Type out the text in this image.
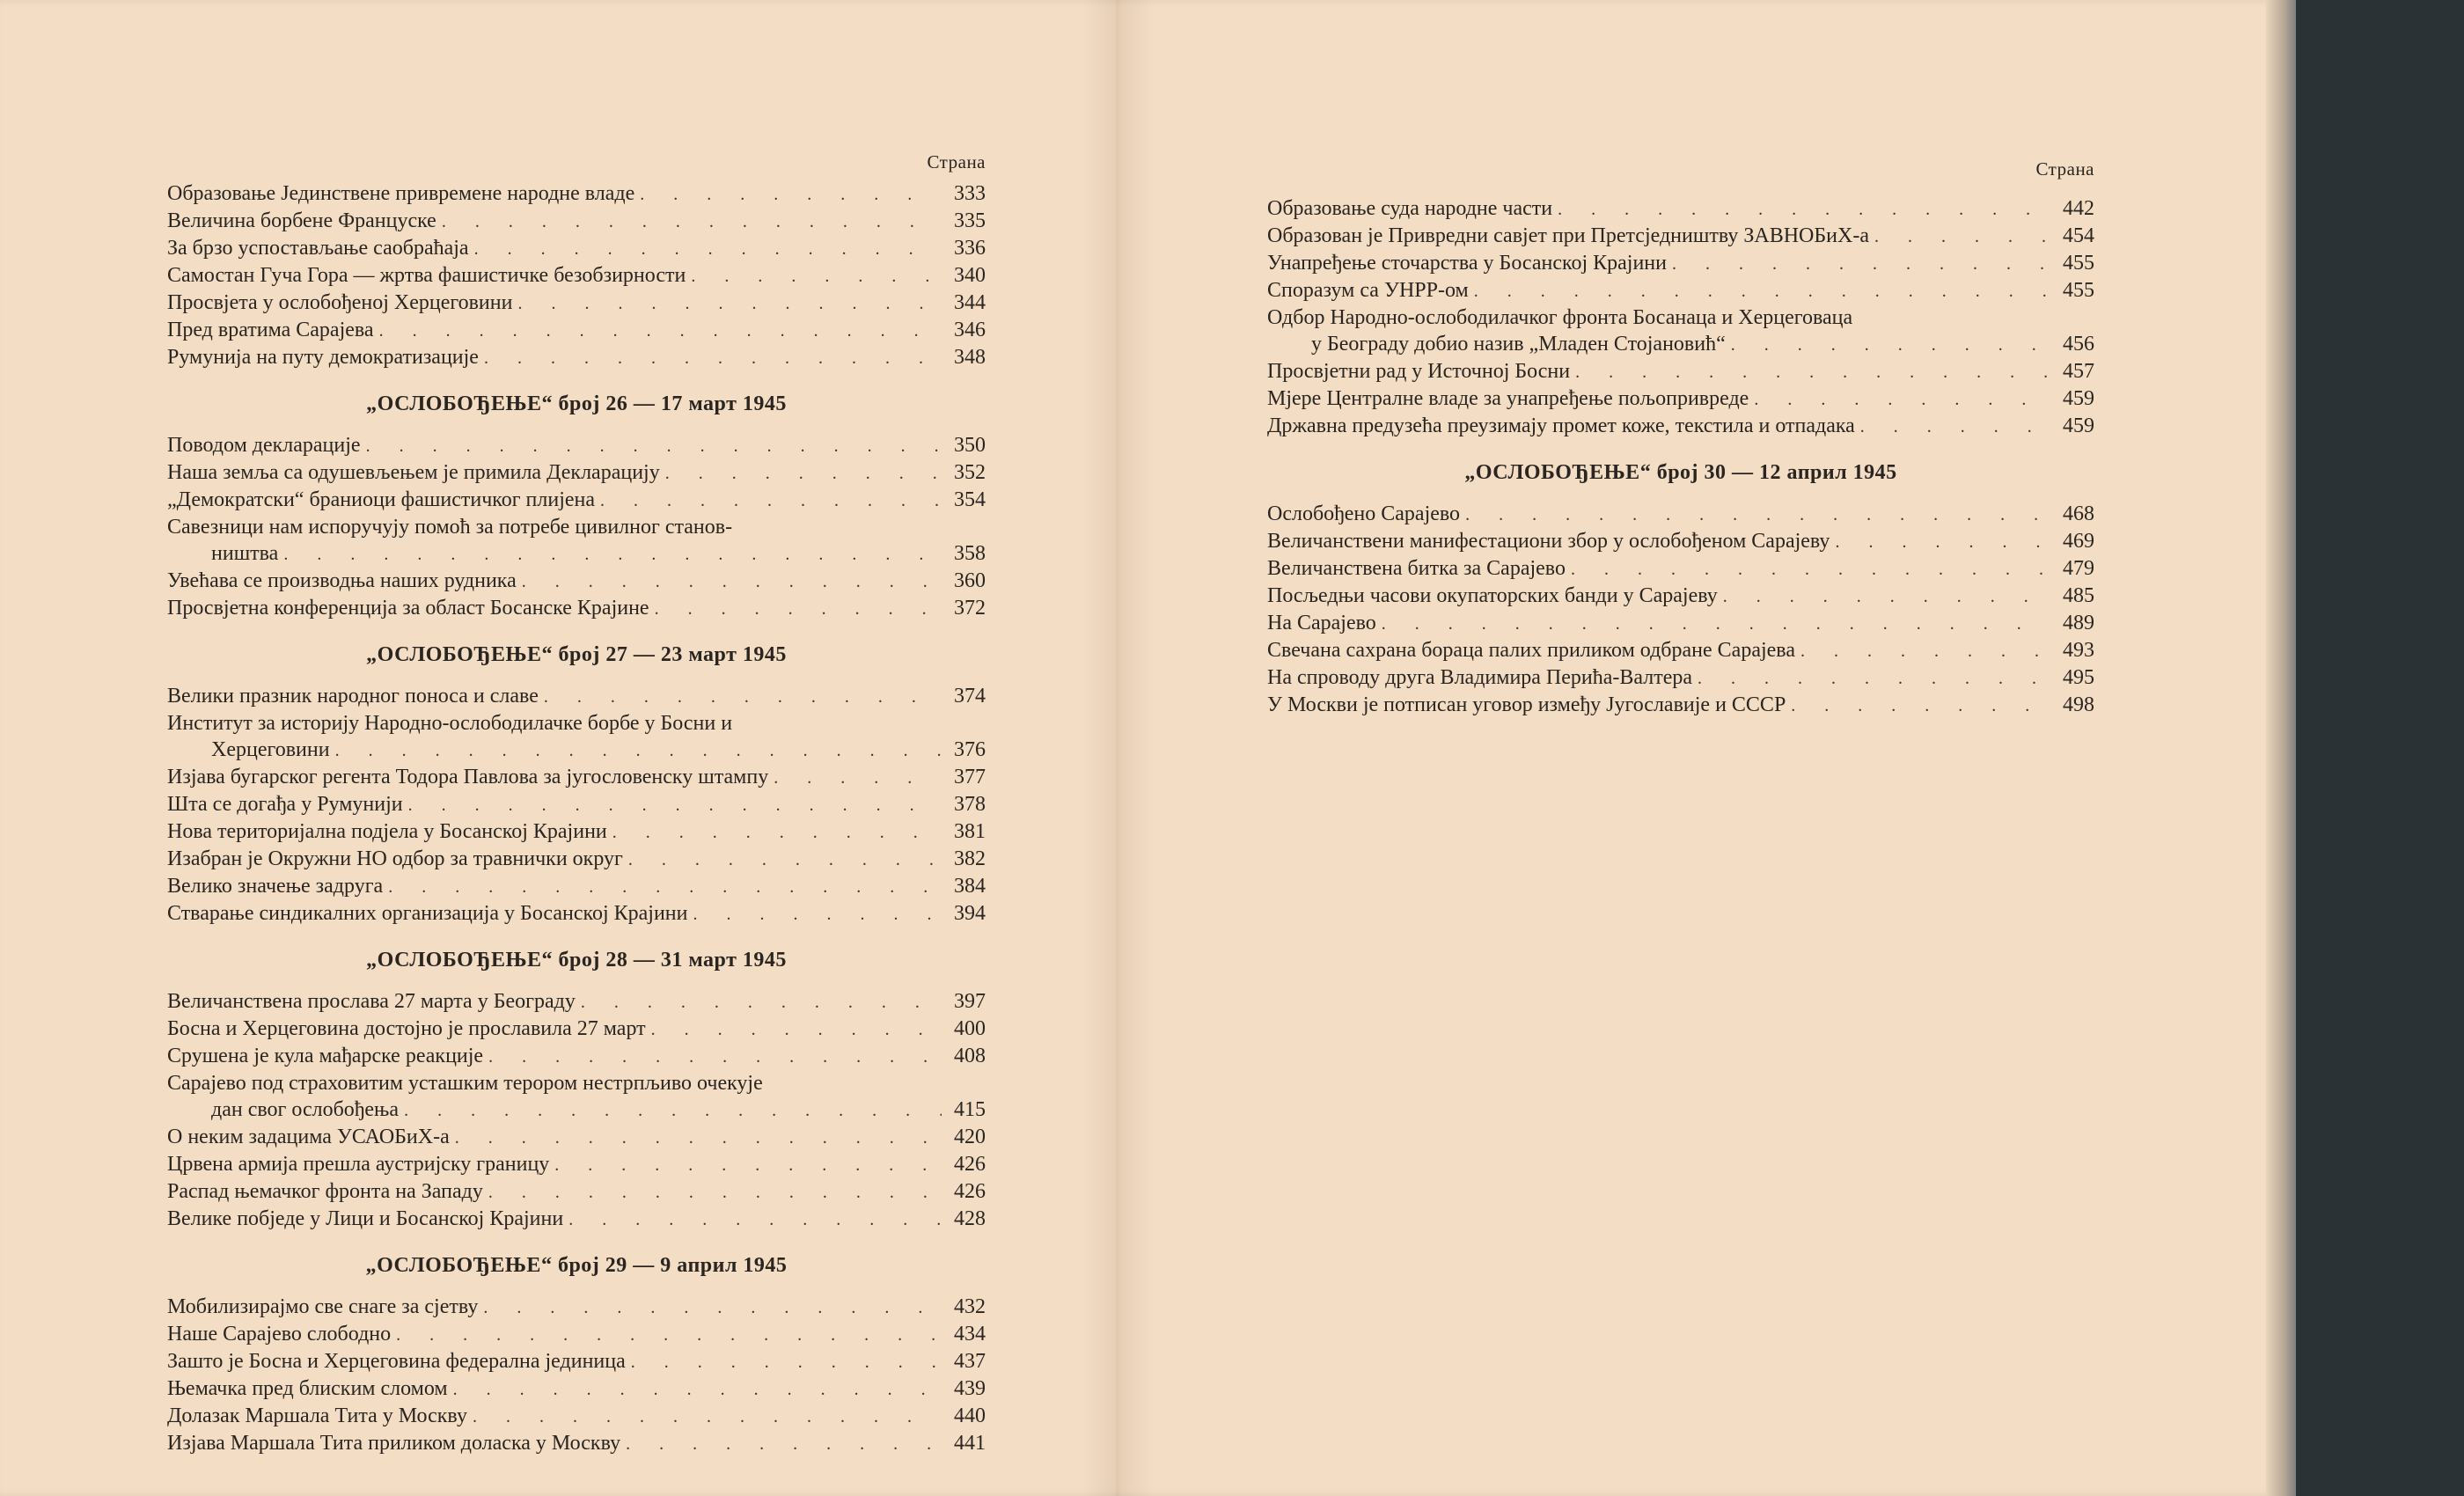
Страна
Образовање Јединствене привремене народне владе . . .	333
Величина борбене Француске . . .	335
За брзо успостављање саобраћаја . . .	336
Самостан Гуча Гора — жртва фашистичке безобзирности . . .	340
Просвјета у ослобођеној Херцеговини . . .	344
Пред вратима Сарајева . . .	346
Румунија на путу демократизације . . .	348
„ОСЛОБОЂЕЊЕ“ број 26 — 17 март 1945
Поводом декларације . . .	350
Наша земља са одушевљењем је примила Декларацију . . .	352
„Демократски“ браниоци фашистичког плијена . . .	354
Савезници нам испоручују помоћ за потребе цивилног станов-
ништва . . .	358
Увећава се производња наших рудника . . .	360
Просвјетна конференција за област Босанске Крајине . . .	372
„ОСЛОБОЂЕЊЕ“ број 27 — 23 март 1945
Велики празник народног поноса и славе . . .	374
Институт за историју Народно-ослободилачке борбе у Босни и
Херцеговини . . .	376
Изјава бугарског регента Тодора Павлова за југословенску штампу . . .	377
Шта се догађа у Румунији . . .	378
Нова територијална подјела у Босанској Крајини . . .	381
Изабран је Окружни НО одбор за травнички округ . . .	382
Велико значење задруга . . .	384
Стварање синдикалних организација у Босанској Крајини . . .	394
„ОСЛОБОЂЕЊЕ“ број 28 — 31 март 1945
Величанствена прослава 27 марта у Београду . . .	397
Босна и Херцеговина достојно је прославила 27 март . . .	400
Срушена је кула мађарске реакције . . .	408
Сарајево под страховитим усташким терором нестрпљиво очекује
дан свог ослобођења . . .	415
О неким задацима УСАОБиХ-а . . .	420
Црвена армија прешла аустријску границу . . .	426
Распад њемачког фронта на Западу . . .	426
Велике побједе у Лици и Босанској Крајини . . .	428
„ОСЛОБОЂЕЊЕ“ број 29 — 9 април 1945
Мобилизирајмо све снаге за сјетву . . .	432
Наше Сарајево слободно . . .	434
Зашто је Босна и Херцеговина федерална јединица . . .	437
Њемачка пред блиским сломом . . .	439
Долазак Маршала Тита у Москву . . .	440
Изјава Маршала Тита приликом доласка у Москву . . .	441
Страна
Образовање суда народне части . . .	442
Образован је Привредни савјет при Претсједништву ЗАВНОБиХ-а . . .	454
Унапређење сточарства у Босанској Крајини . . .	455
Споразум са УНРР-ом . . .	455
Одбор Народно-ослободилачког фронта Босанаца и Херцеговаца
у Београду добио назив „Младен Стојановић“ . . .	456
Просвјетни рад у Источној Босни . . .	457
Мјере Централне владе за унапређење пољопривреде . . .	459
Државна предузећа преузимају промет коже, текстила и отпадака . . .	459
„ОСЛОБОЂЕЊЕ“ број 30 — 12 април 1945
Ослобођено Сарајево . . .	468
Величанствени манифестациони збор у ослобођеном Сарајеву . . .	469
Величанствена битка за Сарајево . . .	479
Посљедњи часови окупаторских банди у Сарајеву . . .	485
На Сарајево . . .	489
Свечана сахрана бораца палих приликом одбране Сарајева . . .	493
На спроводу друга Владимира Перића-Валтера . . .	495
У Москви је потписан уговор између Југославије и СССР . . .	498
